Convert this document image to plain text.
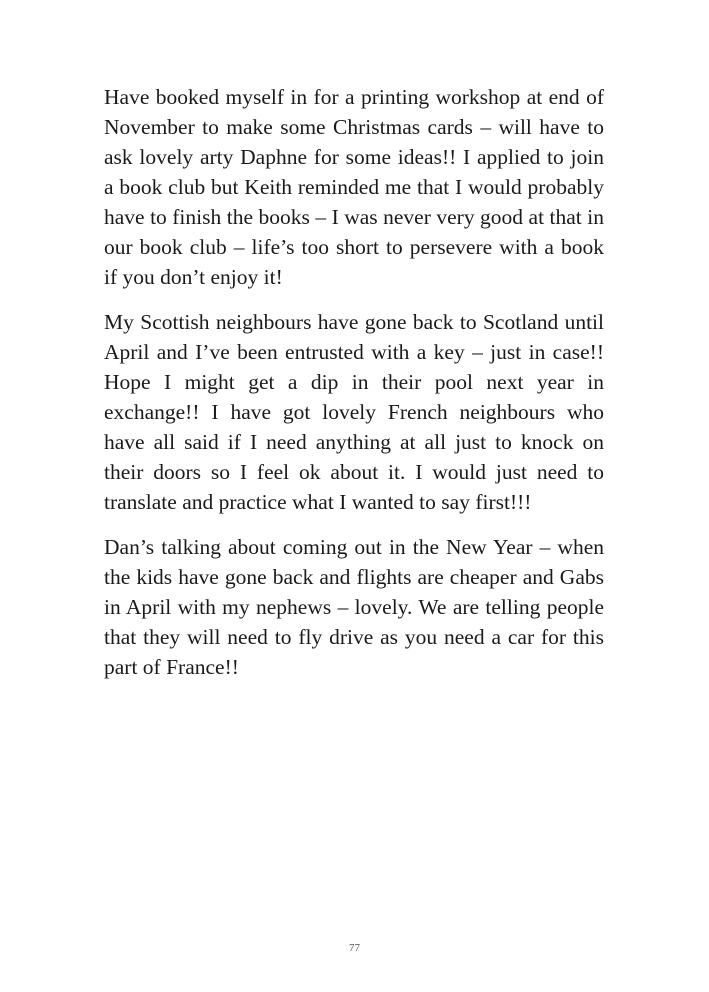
Have booked myself in for a printing workshop at end of November to make some Christmas cards – will have to ask lovely arty Daphne for some ideas!! I applied to join a book club but Keith reminded me that I would probably have to finish the books – I was never very good at that in our book club – life’s too short to persevere with a book if you don’t enjoy it!

My Scottish neighbours have gone back to Scotland until April and I’ve been entrusted with a key – just in case!! Hope I might get a dip in their pool next year in exchange!! I have got lovely French neighbours who have all said if I need anything at all just to knock on their doors so I feel ok about it. I would just need to translate and practice what I wanted to say first!!!

Dan’s talking about coming out in the New Year – when the kids have gone back and flights are cheaper and Gabs in April with my nephews – lovely. We are telling people that they will need to fly drive as you need a car for this part of France!!

77
